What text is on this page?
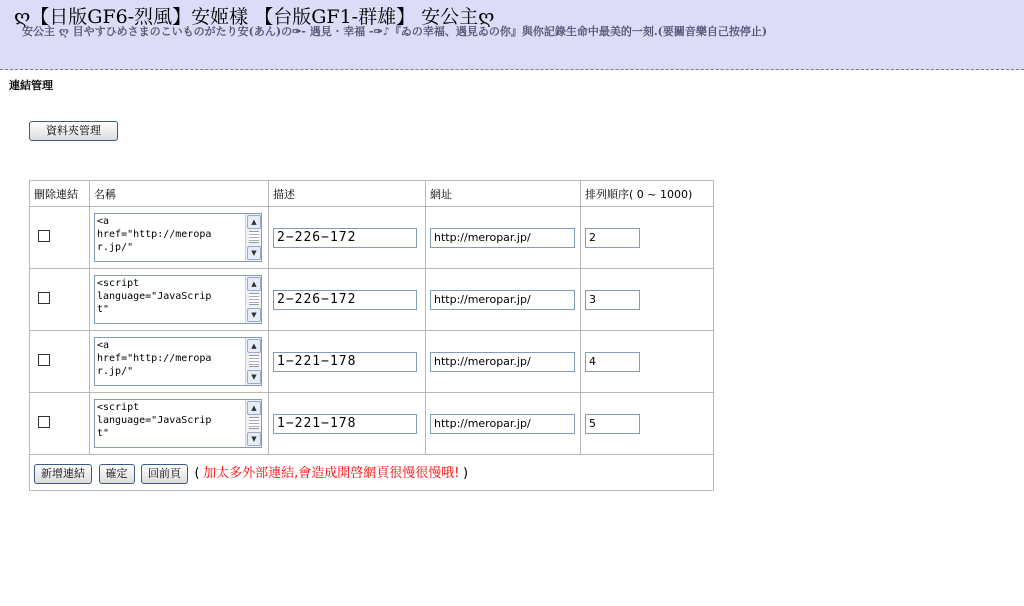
ღ【日版GF6-烈風】安姬樣 【台版GF1-群雄】 安公主ღ
安公主 ღ 目やすひめさまのこいものがたり安(あん)の✑- 遇見 · 幸福 -✑♪『ゐの幸福、遇見ゐの你』與你記錄生命中最美的一刻.(要關音樂自己按停止)
連結管理
資料夾管理
刪除連結	名稱	描述	網址	排列順序( 0 ~ 1000)

	<a
href="http://meropa
r.jp/"
▲
▼	2−226−172	http://meropar.jp/	2

	<script
language="JavaScrip
t"
▲
▼	2−226−172	http://meropar.jp/	3

	<a
href="http://meropa
r.jp/"
▲
▼	1−221−178	http://meropar.jp/	4

	<script
language="JavaScrip
t"
▲
▼	1−221−178	http://meropar.jp/	5
新增連結 確定 回前頁 ( 加太多外部連結,會造成開啓網頁很慢很慢哦! )				
